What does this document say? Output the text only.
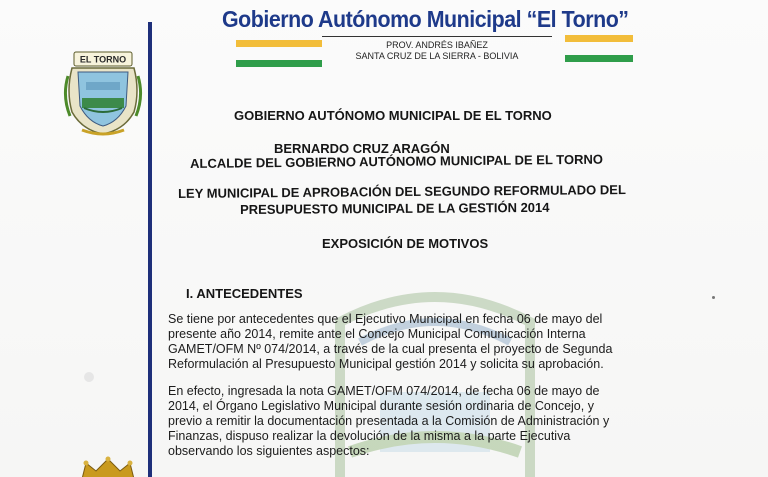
EL TORNO
Gobierno Autónomo Municipal “El Torno”
PROV. ANDRÉS IBAÑEZ
SANTA CRUZ DE LA SIERRA - BOLIVIA
GOBIERNO AUTÓNOMO MUNICIPAL DE EL TORNO
BERNARDO CRUZ ARAGÓN
ALCALDE DEL GOBIERNO AUTÓNOMO MUNICIPAL DE EL TORNO
LEY MUNICIPAL DE APROBACIÓN DEL SEGUNDO REFORMULADO DEL
PRESUPUESTO MUNICIPAL DE LA GESTIÓN 2014
EXPOSICIÓN DE MOTIVOS
I. ANTECEDENTES
Se tiene por antecedentes que el Ejecutivo Municipal en fecha 06 de mayo del
presente año 2014, remite ante el Concejo Municipal Comunicación Interna
GAMET/OFM Nº 074/2014, a través de la cual presenta el proyecto de Segunda
Reformulación al Presupuesto Municipal gestión 2014 y solicita su aprobación.
En efecto, ingresada la nota GAMET/OFM 074/2014, de fecha 06 de mayo de
2014, el Órgano Legislativo Municipal durante sesión ordinaria de Concejo, y
previo a remitir la documentación presentada a la Comisión de Administración y
Finanzas, dispuso realizar la devolución de la misma a la parte Ejecutiva
observando los siguientes aspectos:
